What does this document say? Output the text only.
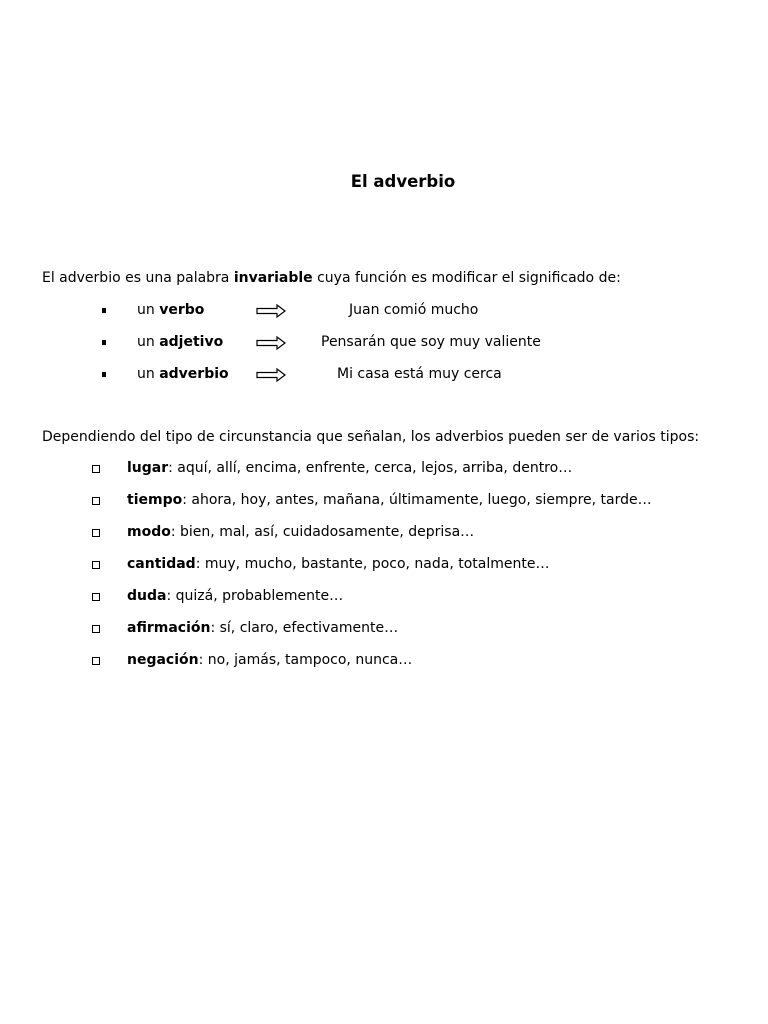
El adverbio
El adverbio es una palabra invariable cuya función es modificar el significado de:
un verbo	Juan comió mucho
un adjetivo	Pensarán que soy muy valiente
un adverbio	Mi casa está muy cerca
Dependiendo del tipo de circunstancia que señalan, los adverbios pueden ser de varios tipos:
lugar: aquí, allí, encima, enfrente, cerca, lejos, arriba, dentro…
tiempo: ahora, hoy, antes, mañana, últimamente, luego, siempre, tarde…
modo: bien, mal, así, cuidadosamente, deprisa…
cantidad: muy, mucho, bastante, poco, nada, totalmente…
duda: quizá, probablemente…
afirmación: sí, claro, efectivamente…
negación: no, jamás, tampoco, nunca…
